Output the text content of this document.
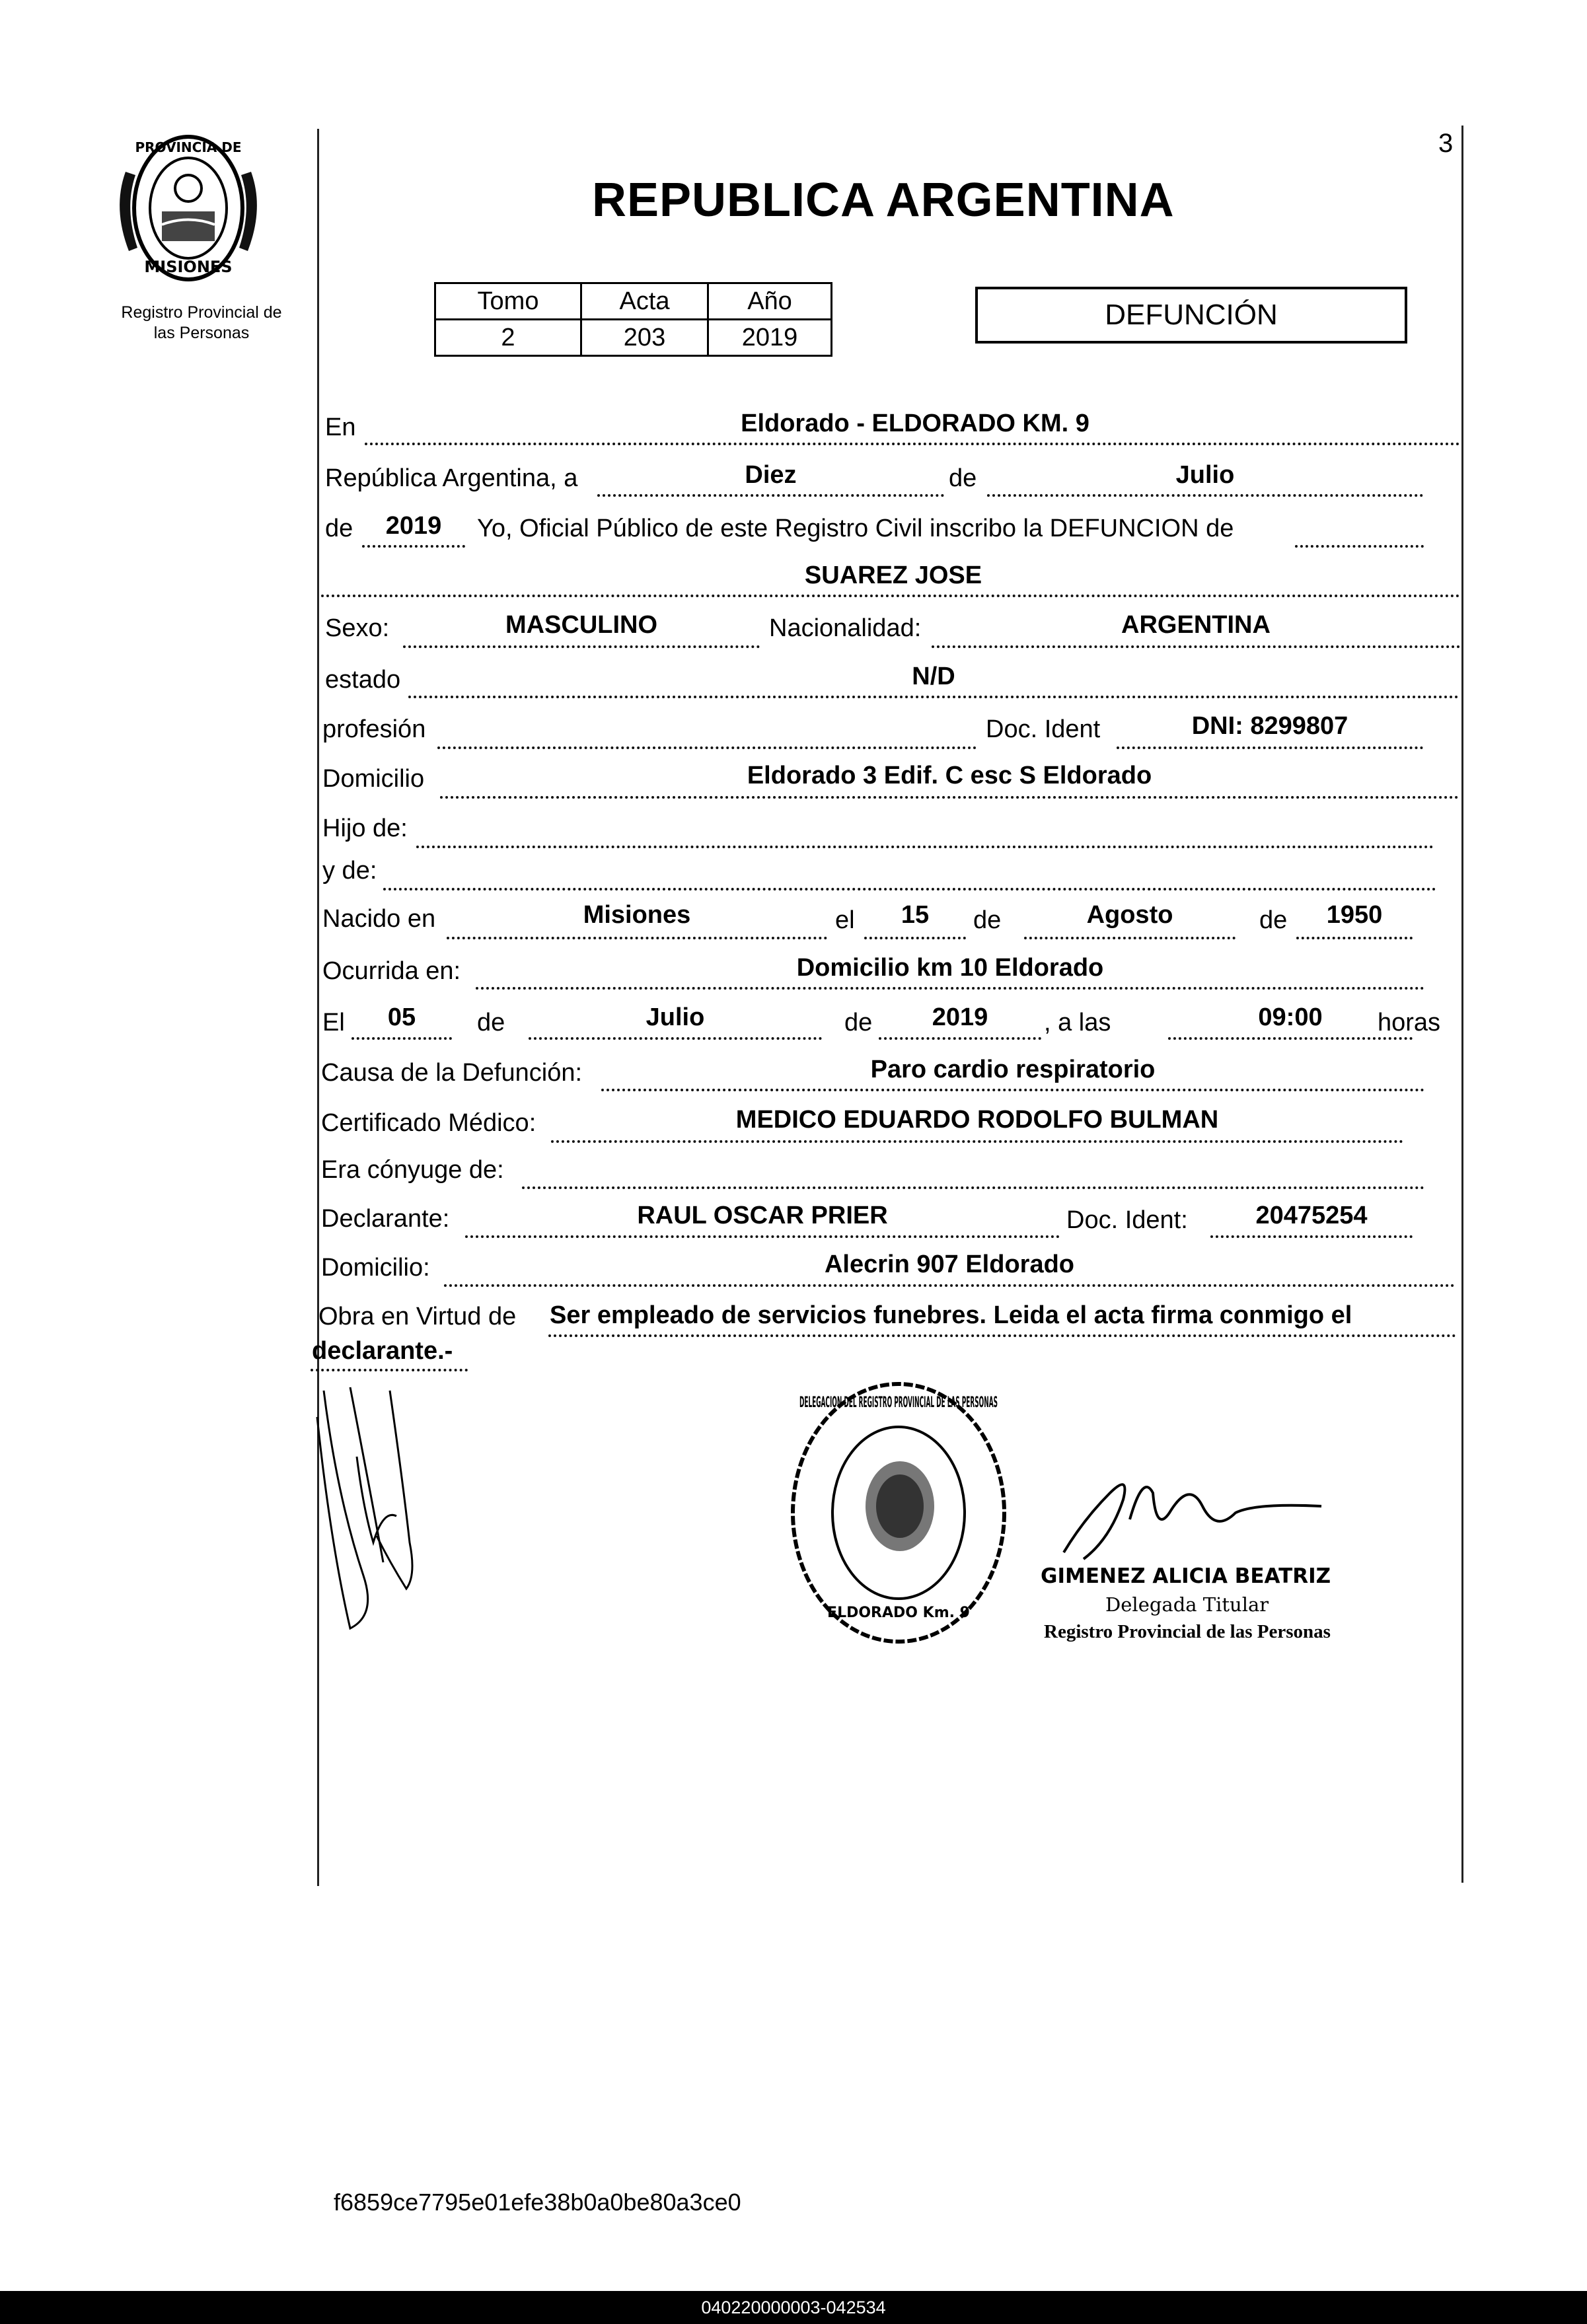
3
PROVINCIA DE
MISIONES
Registro Provincial de
las Personas
REPUBLICA ARGENTINA
Tomo	Acta	Año
2	203	2019
DEFUNCIÓN
En	Eldorado - ELDORADO KM. 9
República Argentina, a	Diez	de	Julio
de	2019	Yo, Oficial Público de este Registro Civil inscribo la DEFUNCION de
SUAREZ JOSE
Sexo:	MASCULINO	Nacionalidad:	ARGENTINA
estado	N/D
profesión	Doc. Ident	DNI: 8299807
Domicilio	Eldorado 3 Edif. C esc S Eldorado
Hijo de:
y de:
Nacido en	Misiones	el	15	de	Agosto	de	1950
Ocurrida en:	Domicilio km 10 Eldorado
El	05	de	Julio	de	2019	, a las	09:00	horas
Causa de la Defunción:	Paro cardio respiratorio
Certificado Médico:	MEDICO EDUARDO RODOLFO BULMAN
Era cónyuge de:
Declarante:	RAUL OSCAR PRIER	Doc. Ident:	20475254
Domicilio:	Alecrin 907 Eldorado
Obra en Virtud de Ser empleado de servicios funebres. Leida el acta firma conmigo el
declarante.-
DELEGACION DEL REGISTRO PROVINCIAL DE LAS PERSONAS
ELDORADO Km. 9
GIMENEZ ALICIA BEATRIZ
Delegada Titular
Registro Provincial de las Personas
f6859ce7795e01efe38b0a0be80a3ce0
040220000003-042534
